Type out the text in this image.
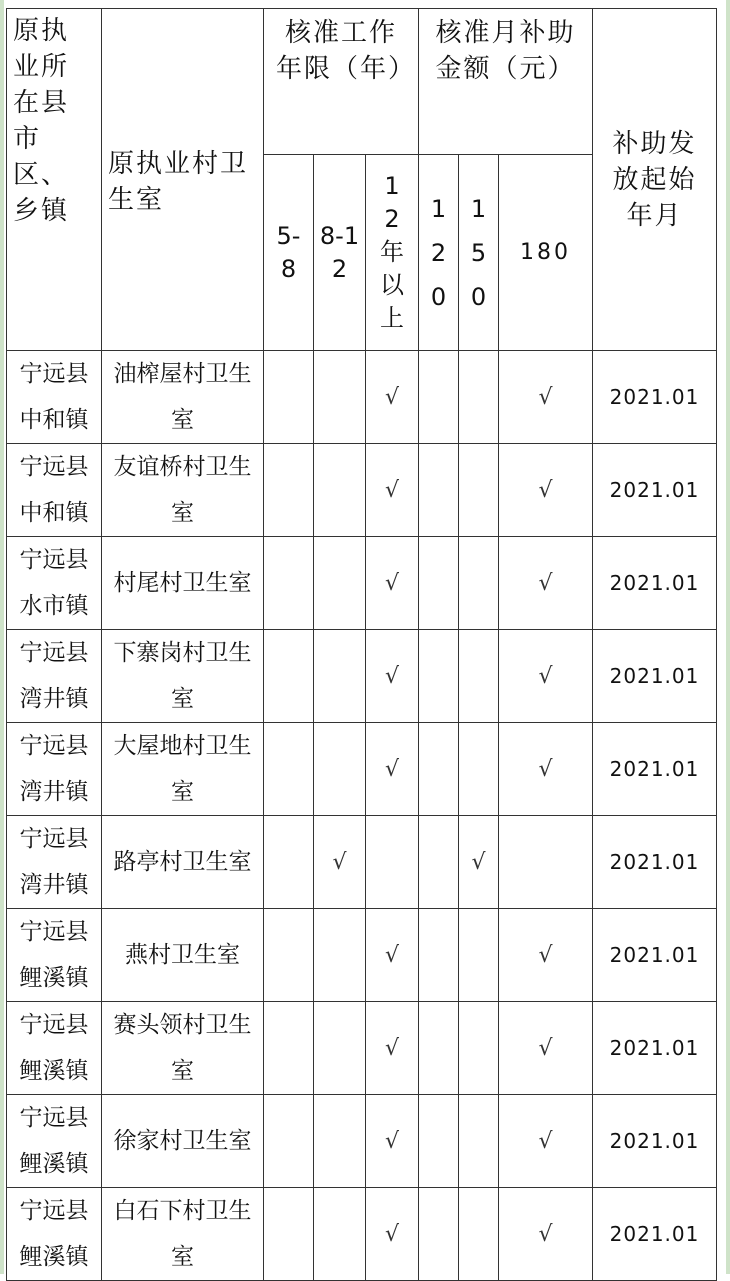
原执业所在县市区、乡镇	原执业村卫生室	核准工作年限（年）			核准月补助金额（元）			补助发放起始年月
		5-8	8-12	12年以上	120	150	180	

宁远县
中和镇	油榨屋村卫生室			√			√	2021.01

宁远县
中和镇	友谊桥村卫生室			√			√	2021.01

宁远县
水市镇	村尾村卫生室			√			√	2021.01

宁远县
湾井镇	下寨岗村卫生室			√			√	2021.01

宁远县
湾井镇	大屋地村卫生室			√			√	2021.01

宁远县
湾井镇	路亭村卫生室		√			√		2021.01

宁远县
鲤溪镇	燕村卫生室			√			√	2021.01

宁远县
鲤溪镇	赛头领村卫生室			√			√	2021.01

宁远县
鲤溪镇	徐家村卫生室			√			√	2021.01

宁远县
鲤溪镇	白石下村卫生室			√			√	2021.01
